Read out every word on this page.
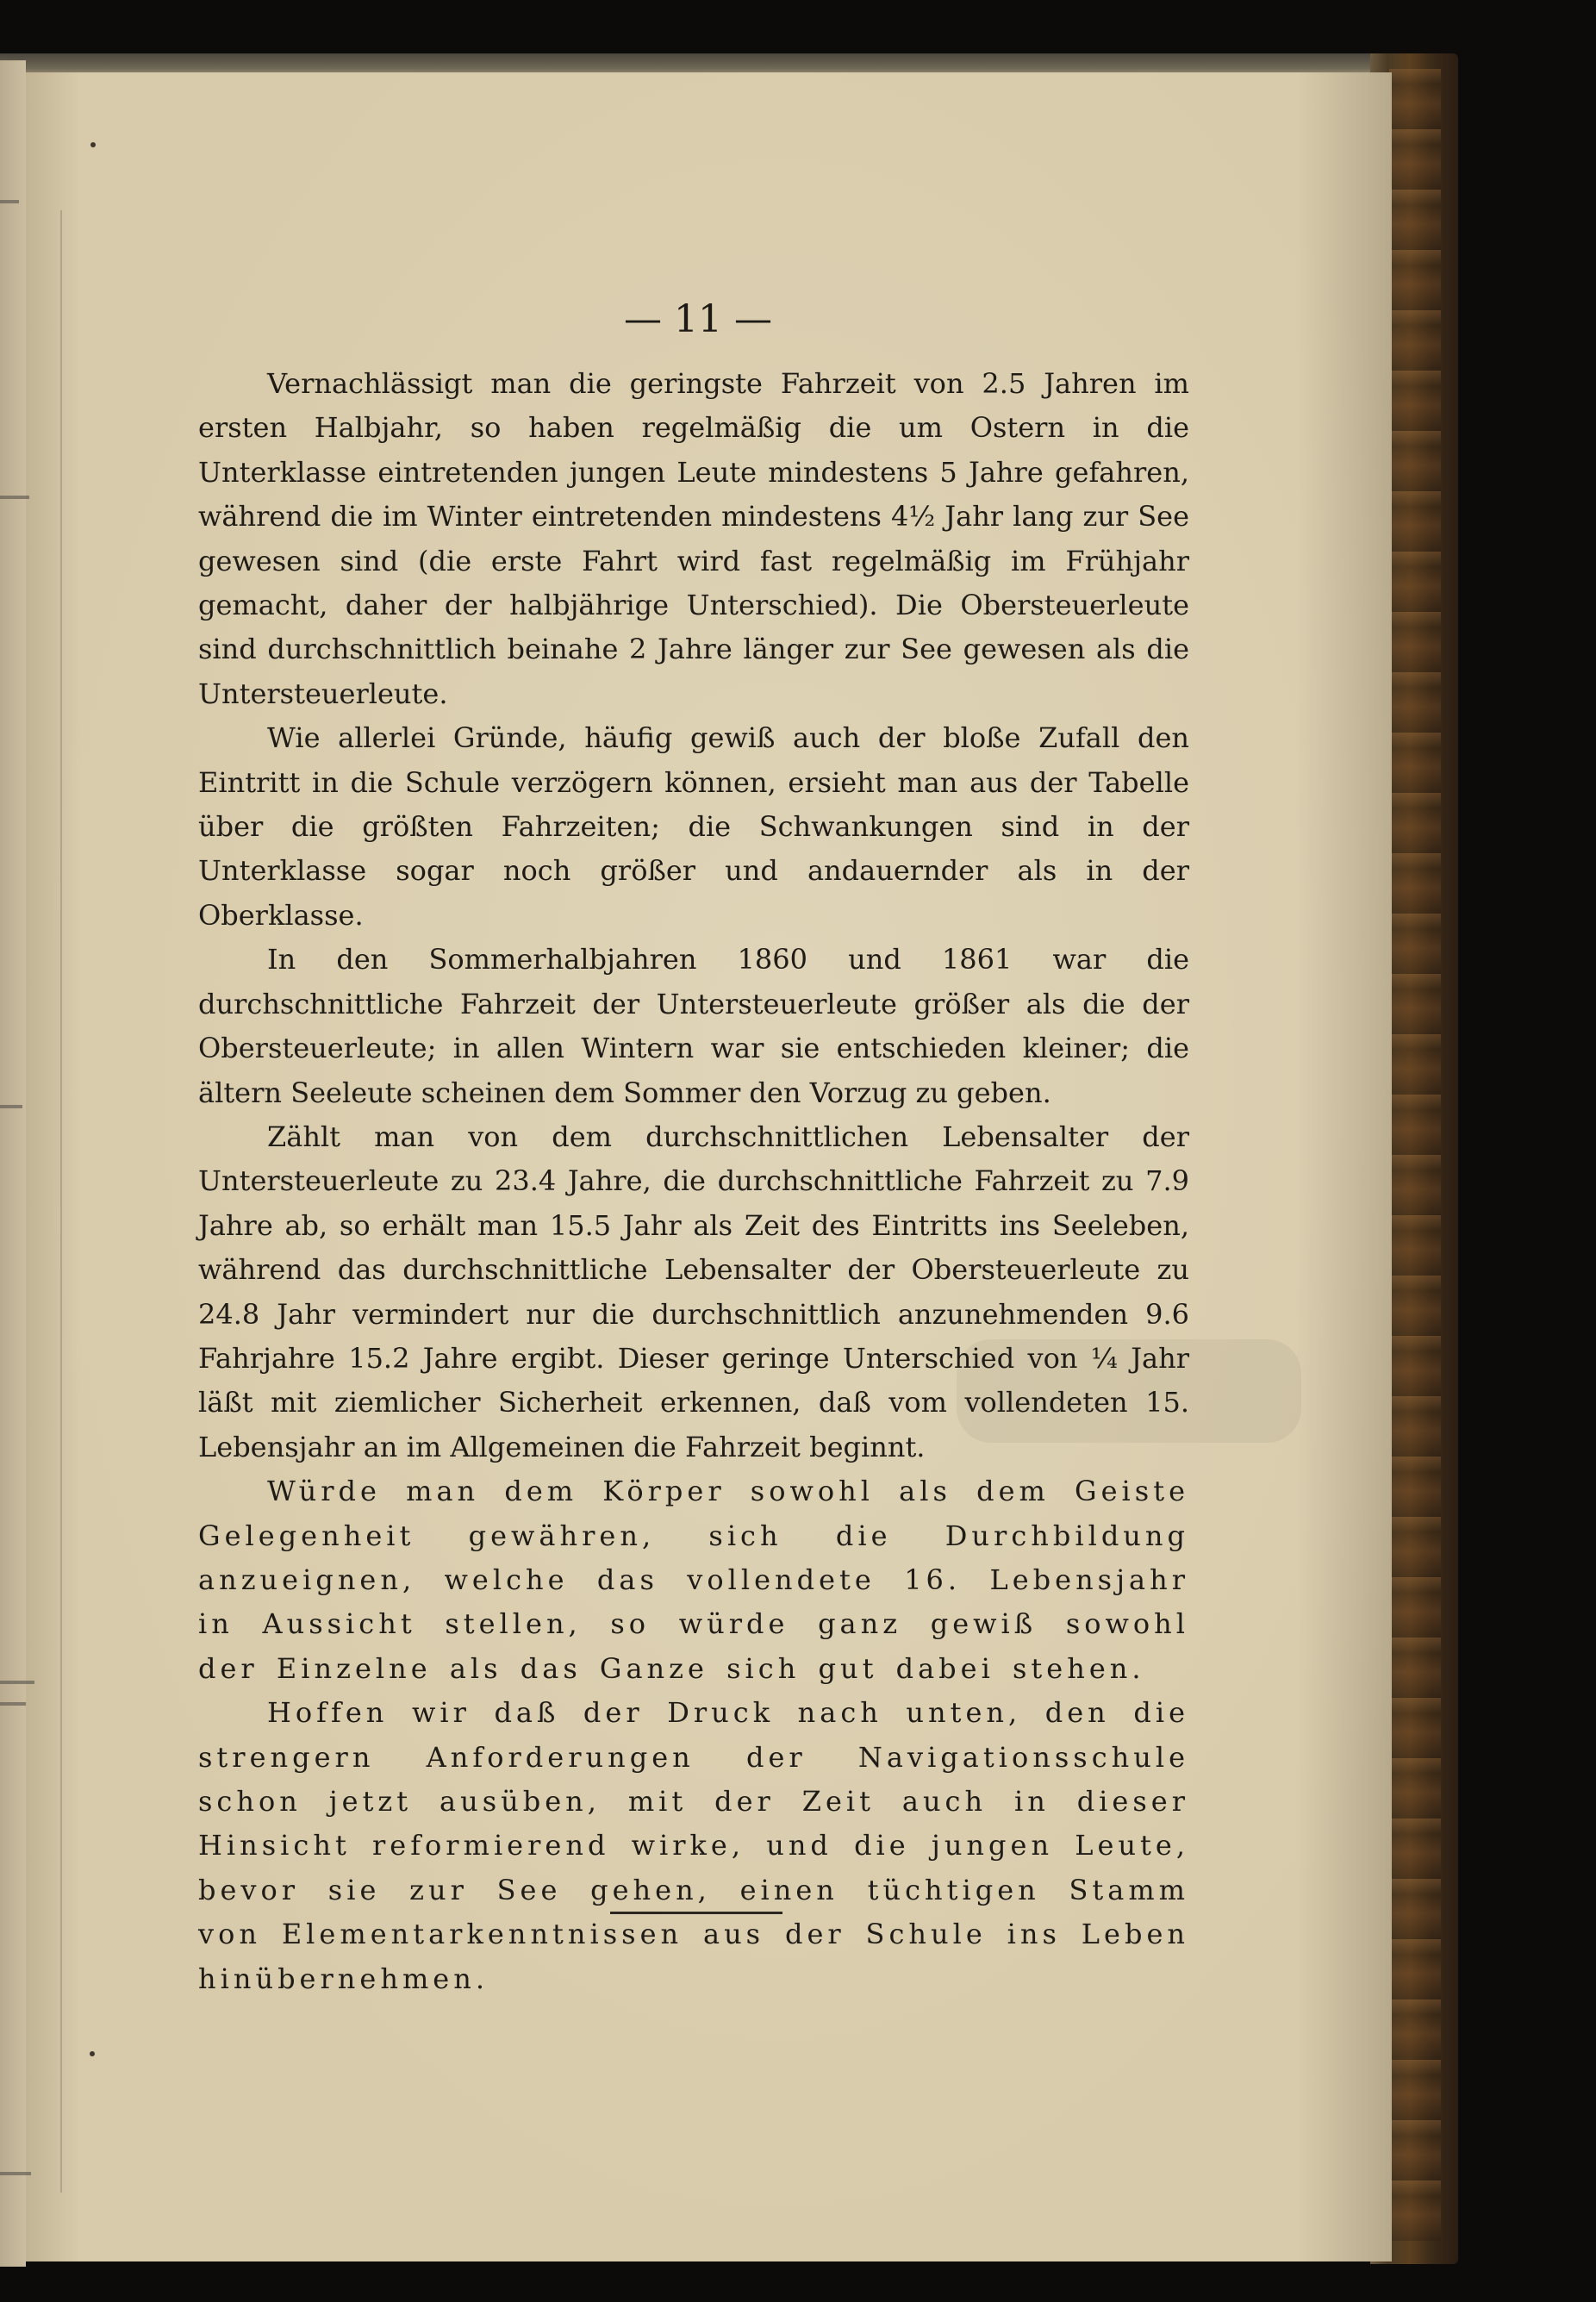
— 11 —

Vernachlässigt man die geringste Fahrzeit von 2.5 Jahren im ersten Halbjahr, so haben regelmäßig die um Ostern in die Unterklasse eintretenden jungen Leute mindestens 5 Jahre gefahren, während die im Winter eintretenden mindestens 4½ Jahr lang zur See gewesen sind (die erste Fahrt wird fast regelmäßig im Frühjahr gemacht, daher der halbjährige Unterschied). Die Obersteuerleute sind durchschnittlich beinahe 2 Jahre länger zur See gewesen als die Untersteuerleute.

Wie allerlei Gründe, häufig gewiß auch der bloße Zufall den Eintritt in die Schule verzögern können, ersieht man aus der Tabelle über die größten Fahrzeiten; die Schwankungen sind in der Unterklasse sogar noch größer und andauernder als in der Oberklasse.

In den Sommerhalbjahren 1860 und 1861 war die durchschnittliche Fahrzeit der Untersteuerleute größer als die der Obersteuerleute; in allen Wintern war sie entschieden kleiner; die ältern Seeleute scheinen dem Sommer den Vorzug zu geben.

Zählt man von dem durchschnittlichen Lebensalter der Untersteuerleute zu 23.4 Jahre, die durchschnittliche Fahrzeit zu 7.9 Jahre ab, so erhält man 15.5 Jahr als Zeit des Eintritts ins Seeleben, während das durchschnittliche Lebensalter der Obersteuerleute zu 24.8 Jahr vermindert nur die durchschnittlich anzunehmenden 9.6 Fahrjahre 15.2 Jahre ergibt. Dieser geringe Unterschied von ¼ Jahr läßt mit ziemlicher Sicherheit erkennen, daß vom vollendeten 15. Lebensjahr an im Allgemeinen die Fahrzeit beginnt.

Würde man dem Körper sowohl als dem Geiste Gelegenheit gewähren, sich die Durchbildung anzueignen, welche das vollendete 16. Lebensjahr in Aussicht stellen, so würde ganz gewiß sowohl der Einzelne als das Ganze sich gut dabei stehen.

Hoffen wir daß der Druck nach unten, den die strengern Anforderungen der Navigationsschule schon jetzt ausüben, mit der Zeit auch in dieser Hinsicht reformierend wirke, und die jungen Leute, bevor sie zur See gehen, einen tüchtigen Stamm von Elementarkenntnissen aus der Schule ins Leben hinübernehmen.
